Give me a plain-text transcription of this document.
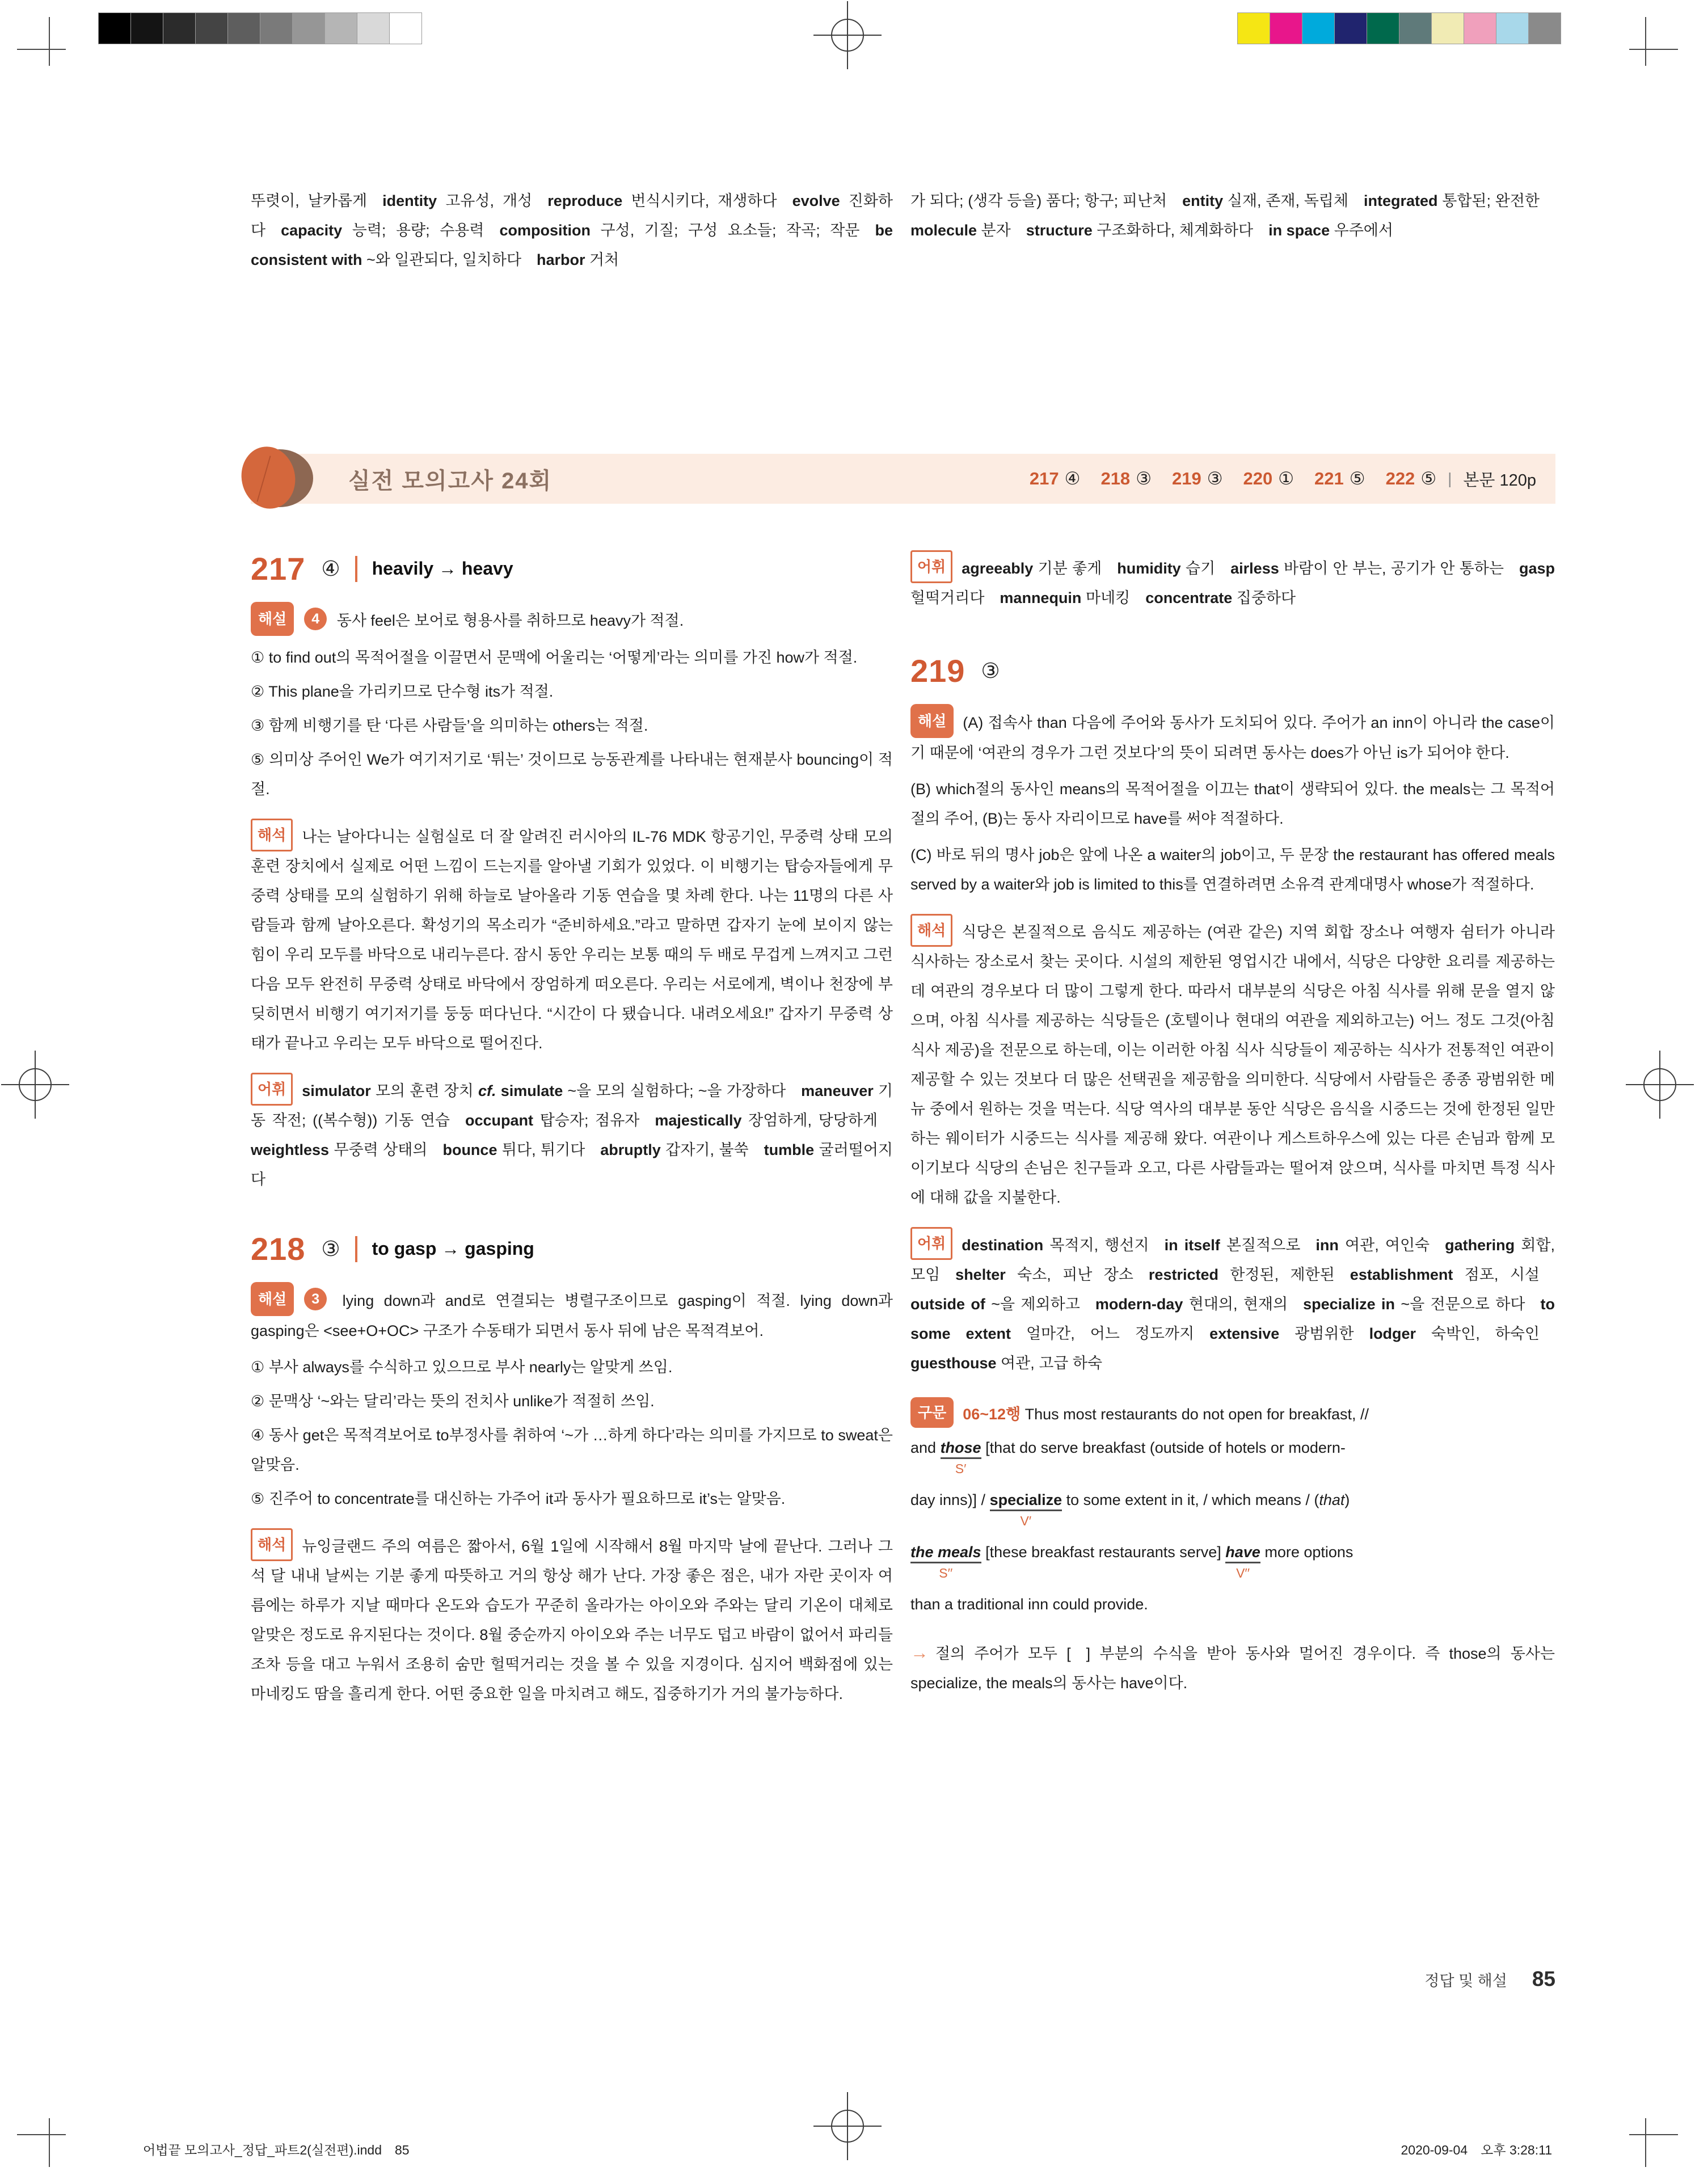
뚜렷이, 날카롭게 identity 고유성, 개성 reproduce 번식시키다, 재생하다 evolve 진화하다 capacity 능력; 용량; 수용력 composition 구성, 기질; 구성 요소들; 작곡; 작문 be consistent with ~와 일관되다, 일치하다 harbor 거처

가 되다; (생각 등을) 품다; 항구; 피난처 entity 실재, 존재, 독립체 integrated 통합된; 완전한 molecule 분자 structure 구조화하다, 체계화하다 in space 우주에서

실전 모의고사 24회	217 ④ 218 ③ 219 ③ 220 ① 221 ⑤ 222 ⑤ | 본문 120p
217 ④ heavily → heavy

해설 4 동사 feel은 보어로 형용사를 취하므로 heavy가 적절.

① to find out의 목적어절을 이끌면서 문맥에 어울리는 ‘어떻게’라는 의미를 가진 how가 적절.

② This plane을 가리키므로 단수형 its가 적절.

③ 함께 비행기를 탄 ‘다른 사람들’을 의미하는 others는 적절.

⑤ 의미상 주어인 We가 여기저기로 ‘튀는’ 것이므로 능동관계를 나타내는 현재분사 bouncing이 적절.

해석 나는 날아다니는 실험실로 더 잘 알려진 러시아의 IL-76 MDK 항공기인, 무중력 상태 모의 훈련 장치에서 실제로 어떤 느낌이 드는지를 알아낼 기회가 있었다. 이 비행기는 탑승자들에게 무중력 상태를 모의 실험하기 위해 하늘로 날아올라 기동 연습을 몇 차례 한다. 나는 11명의 다른 사람들과 함께 날아오른다. 확성기의 목소리가 “준비하세요.”라고 말하면 갑자기 눈에 보이지 않는 힘이 우리 모두를 바닥으로 내리누른다. 잠시 동안 우리는 보통 때의 두 배로 무겁게 느껴지고 그런 다음 모두 완전히 무중력 상태로 바닥에서 장엄하게 떠오른다. 우리는 서로에게, 벽이나 천장에 부딪히면서 비행기 여기저기를 둥둥 떠다닌다. “시간이 다 됐습니다. 내려오세요!” 갑자기 무중력 상태가 끝나고 우리는 모두 바닥으로 떨어진다.

어휘 simulator 모의 훈련 장치 cf. simulate ~을 모의 실험하다; ~을 가장하다 maneuver 기동 작전; ((복수형)) 기동 연습 occupant 탑승자; 점유자 majestically 장엄하게, 당당하게 weightless 무중력 상태의 bounce 튀다, 튀기다 abruptly 갑자기, 불쑥 tumble 굴러떨어지다

218 ③ to gasp → gasping

해설 3 lying down과 and로 연결되는 병렬구조이므로 gasping이 적절. lying down과 gasping은 <see+O+OC> 구조가 수동태가 되면서 동사 뒤에 남은 목적격보어.

① 부사 always를 수식하고 있으므로 부사 nearly는 알맞게 쓰임.

② 문맥상 ‘~와는 달리’라는 뜻의 전치사 unlike가 적절히 쓰임.

④ 동사 get은 목적격보어로 to부정사를 취하여 ‘~가 …하게 하다’라는 의미를 가지므로 to sweat은 알맞음.

⑤ 진주어 to concentrate를 대신하는 가주어 it과 동사가 필요하므로 it’s는 알맞음.

해석 뉴잉글랜드 주의 여름은 짧아서, 6월 1일에 시작해서 8월 마지막 날에 끝난다. 그러나 그 석 달 내내 날씨는 기분 좋게 따뜻하고 거의 항상 해가 난다. 가장 좋은 점은, 내가 자란 곳이자 여름에는 하루가 지날 때마다 온도와 습도가 꾸준히 올라가는 아이오와 주와는 달리 기온이 대체로 알맞은 정도로 유지된다는 것이다. 8월 중순까지 아이오와 주는 너무도 덥고 바람이 없어서 파리들조차 등을 대고 누워서 조용히 숨만 헐떡거리는 것을 볼 수 있을 지경이다. 심지어 백화점에 있는 마네킹도 땀을 흘리게 한다. 어떤 중요한 일을 마치려고 해도, 집중하기가 거의 불가능하다.

어휘 agreeably 기분 좋게 humidity 습기 airless 바람이 안 부는, 공기가 안 통하는 gasp 헐떡거리다 mannequin 마네킹 concentrate 집중하다

219 ③

해설 (A) 접속사 than 다음에 주어와 동사가 도치되어 있다. 주어가 an inn이 아니라 the case이기 때문에 ‘여관의 경우가 그런 것보다’의 뜻이 되려면 동사는 does가 아닌 is가 되어야 한다.

(B) which절의 동사인 means의 목적어절을 이끄는 that이 생략되어 있다. the meals는 그 목적어절의 주어, (B)는 동사 자리이므로 have를 써야 적절하다.

(C) 바로 뒤의 명사 job은 앞에 나온 a waiter의 job이고, 두 문장 the restaurant has offered meals served by a waiter와 job is limited to this를 연결하려면 소유격 관계대명사 whose가 적절하다.

해석 식당은 본질적으로 음식도 제공하는 (여관 같은) 지역 회합 장소나 여행자 쉼터가 아니라 식사하는 장소로서 찾는 곳이다. 시설의 제한된 영업시간 내에서, 식당은 다양한 요리를 제공하는데 여관의 경우보다 더 많이 그렇게 한다. 따라서 대부분의 식당은 아침 식사를 위해 문을 열지 않으며, 아침 식사를 제공하는 식당들은 (호텔이나 현대의 여관을 제외하고는) 어느 정도 그것(아침 식사 제공)을 전문으로 하는데, 이는 이러한 아침 식사 식당들이 제공하는 식사가 전통적인 여관이 제공할 수 있는 것보다 더 많은 선택권을 제공함을 의미한다. 식당에서 사람들은 종종 광범위한 메뉴 중에서 원하는 것을 먹는다. 식당 역사의 대부분 동안 식당은 음식을 시중드는 것에 한정된 일만 하는 웨이터가 시중드는 식사를 제공해 왔다. 여관이나 게스트하우스에 있는 다른 손님과 함께 모이기보다 식당의 손님은 친구들과 오고, 다른 사람들과는 떨어져 앉으며, 식사를 마치면 특정 식사에 대해 값을 지불한다.

어휘 destination 목적지, 행선지 in itself 본질적으로 inn 여관, 여인숙 gathering 회합, 모임 shelter 숙소, 피난 장소 restricted 한정된, 제한된 establishment 점포, 시설 outside of ~을 제외하고 modern-day 현대의, 현재의 specialize in ~을 전문으로 하다 to some extent 얼마간, 어느 정도까지 extensive 광범위한 lodger 숙박인, 하숙인 guesthouse 여관, 고급 하숙

구문 06~12행 Thus most restaurants do not open for breakfast, //

and those
S′
[that do serve breakfast (outside of hotels or modern-

day inns)] / specialize
V′
to some extent in it, / which means / (that)

the meals
S′′
[these breakfast restaurants serve] have
V′′
more options

than a traditional inn could provide.

→ 절의 주어가 모두 [  ] 부분의 수식을 받아 동사와 멀어진 경우이다. 즉 those의 동사는 specialize, the meals의 동사는 have이다.

정답 및 해설 85
어법끝 모의고사_정답_파트2(실전편).indd 85	2020-09-04 오후 3:28:11
